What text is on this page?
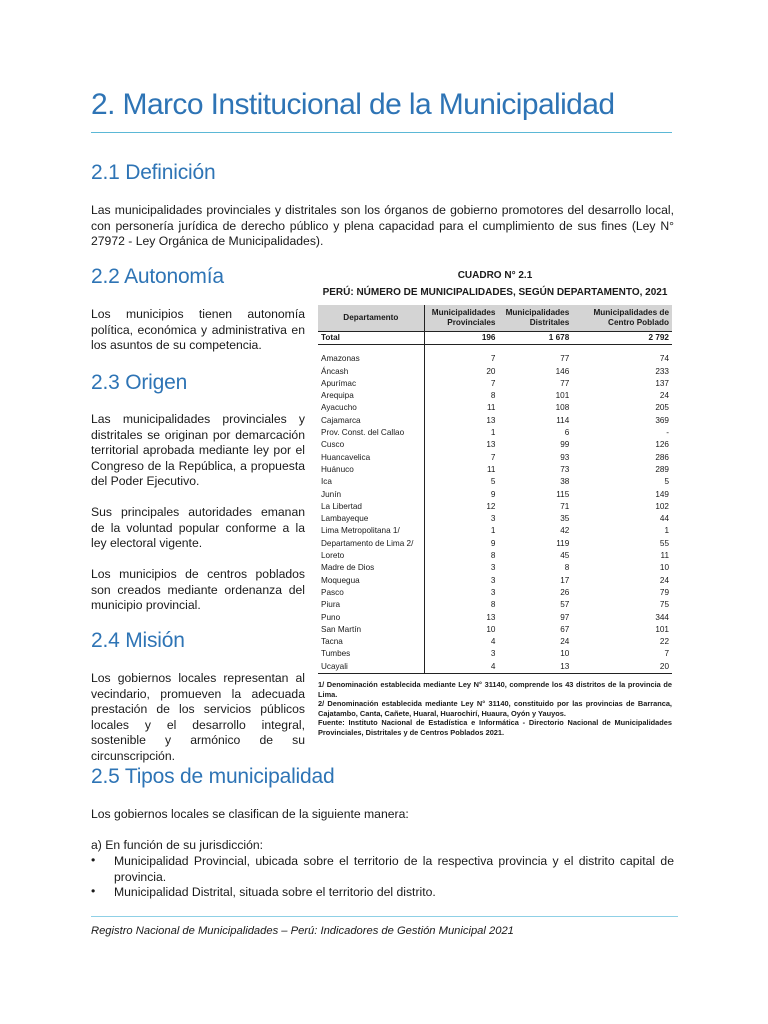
2. Marco Institucional de la Municipalidad
2.1 Definición
Las municipalidades provinciales y distritales son los órganos de gobierno promotores del desarrollo local, con personería jurídica de derecho público y plena capacidad para el cumplimiento de sus fines (Ley N° 27972 - Ley Orgánica de Municipalidades).
2.2 Autonomía
Los municipios tienen autonomía política, económica y administrativa en los asuntos de su competencia.
2.3 Origen
Las municipalidades provinciales y distritales se originan por demarcación territorial aprobada mediante ley por el Congreso de la República, a propuesta del Poder Ejecutivo.
Sus principales autoridades emanan de la voluntad popular conforme a la ley electoral vigente.
Los municipios de centros poblados son creados mediante ordenanza del municipio provincial.
2.4 Misión
Los gobiernos locales representan al vecindario, promueven la adecuada prestación de los servicios públicos locales y el desarrollo integral, sostenible y armónico de su circunscripción.
CUADRO N° 2.1
PERÚ: NÚMERO DE MUNICIPALIDADES, SEGÚN DEPARTAMENTO, 2021
Departamento	Municipalidades Provinciales	Municipalidades Distritales	Municipalidades de Centro Poblado
Total	196	1 678	2 792

Amazonas	7	77	74
Áncash	20	146	233
Apurímac	7	77	137
Arequipa	8	101	24
Ayacucho	11	108	205
Cajamarca	13	114	369
Prov. Const. del Callao	1	6	-
Cusco	13	99	126
Huancavelica	7	93	286
Huánuco	11	73	289
Ica	5	38	5
Junín	9	115	149
La Libertad	12	71	102
Lambayeque	3	35	44
Lima Metropolitana 1/	1	42	1
Departamento de Lima 2/	9	119	55
Loreto	8	45	11
Madre de Dios	3	8	10
Moquegua	3	17	24
Pasco	3	26	79
Piura	8	57	75
Puno	13	97	344
San Martín	10	67	101
Tacna	4	24	22
Tumbes	3	10	7
Ucayali	4	13	20
1/ Denominación establecida mediante Ley N° 31140, comprende los 43 distritos de la provincia de Lima.
2/ Denominación establecida mediante Ley N° 31140, constituido por las provincias de Barranca, Cajatambo, Canta, Cañete, Huaral, Huarochirí, Huaura, Oyón y Yauyos.
Fuente: Instituto Nacional de Estadística e Informática - Directorio Nacional de Municipalidades Provinciales, Distritales y de Centros Poblados 2021.
2.5 Tipos de municipalidad
Los gobiernos locales se clasifican de la siguiente manera:
a) En función de su jurisdicción:
• Municipalidad Provincial, ubicada sobre el territorio de la respectiva provincia y el distrito capital de provincia.
• Municipalidad Distrital, situada sobre el territorio del distrito.
Registro Nacional de Municipalidades – Perú: Indicadores de Gestión Municipal 2021
